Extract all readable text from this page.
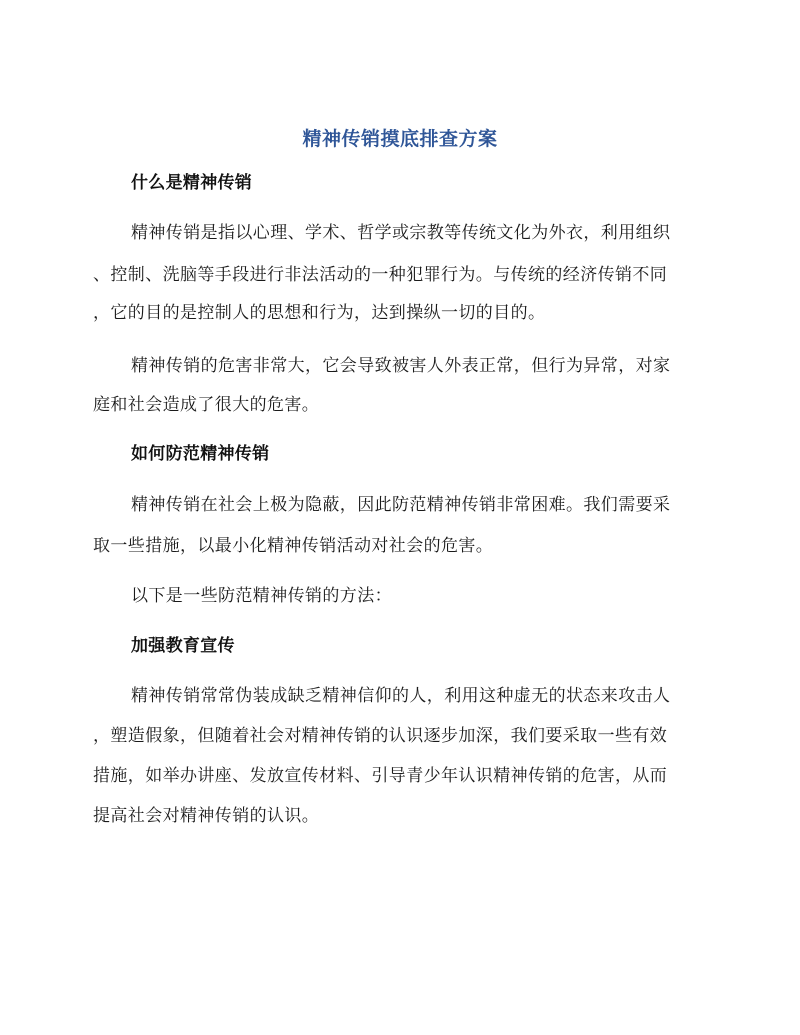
精神传销摸底排查方案
什么是精神传销
精神传销是指以心理、学术、哲学或宗教等传统文化为外衣，利用组织
、控制、洗脑等手段进行非法活动的一种犯罪行为。与传统的经济传销不同
，它的目的是控制人的思想和行为，达到操纵一切的目的。
精神传销的危害非常大，它会导致被害人外表正常，但行为异常，对家
庭和社会造成了很大的危害。
如何防范精神传销
精神传销在社会上极为隐蔽，因此防范精神传销非常困难。我们需要采
取一些措施，以最小化精神传销活动对社会的危害。
以下是一些防范精神传销的方法：
加强教育宣传
精神传销常常伪装成缺乏精神信仰的人，利用这种虚无的状态来攻击人
，塑造假象，但随着社会对精神传销的认识逐步加深，我们要采取一些有效
措施，如举办讲座、发放宣传材料、引导青少年认识精神传销的危害，从而
提高社会对精神传销的认识。
